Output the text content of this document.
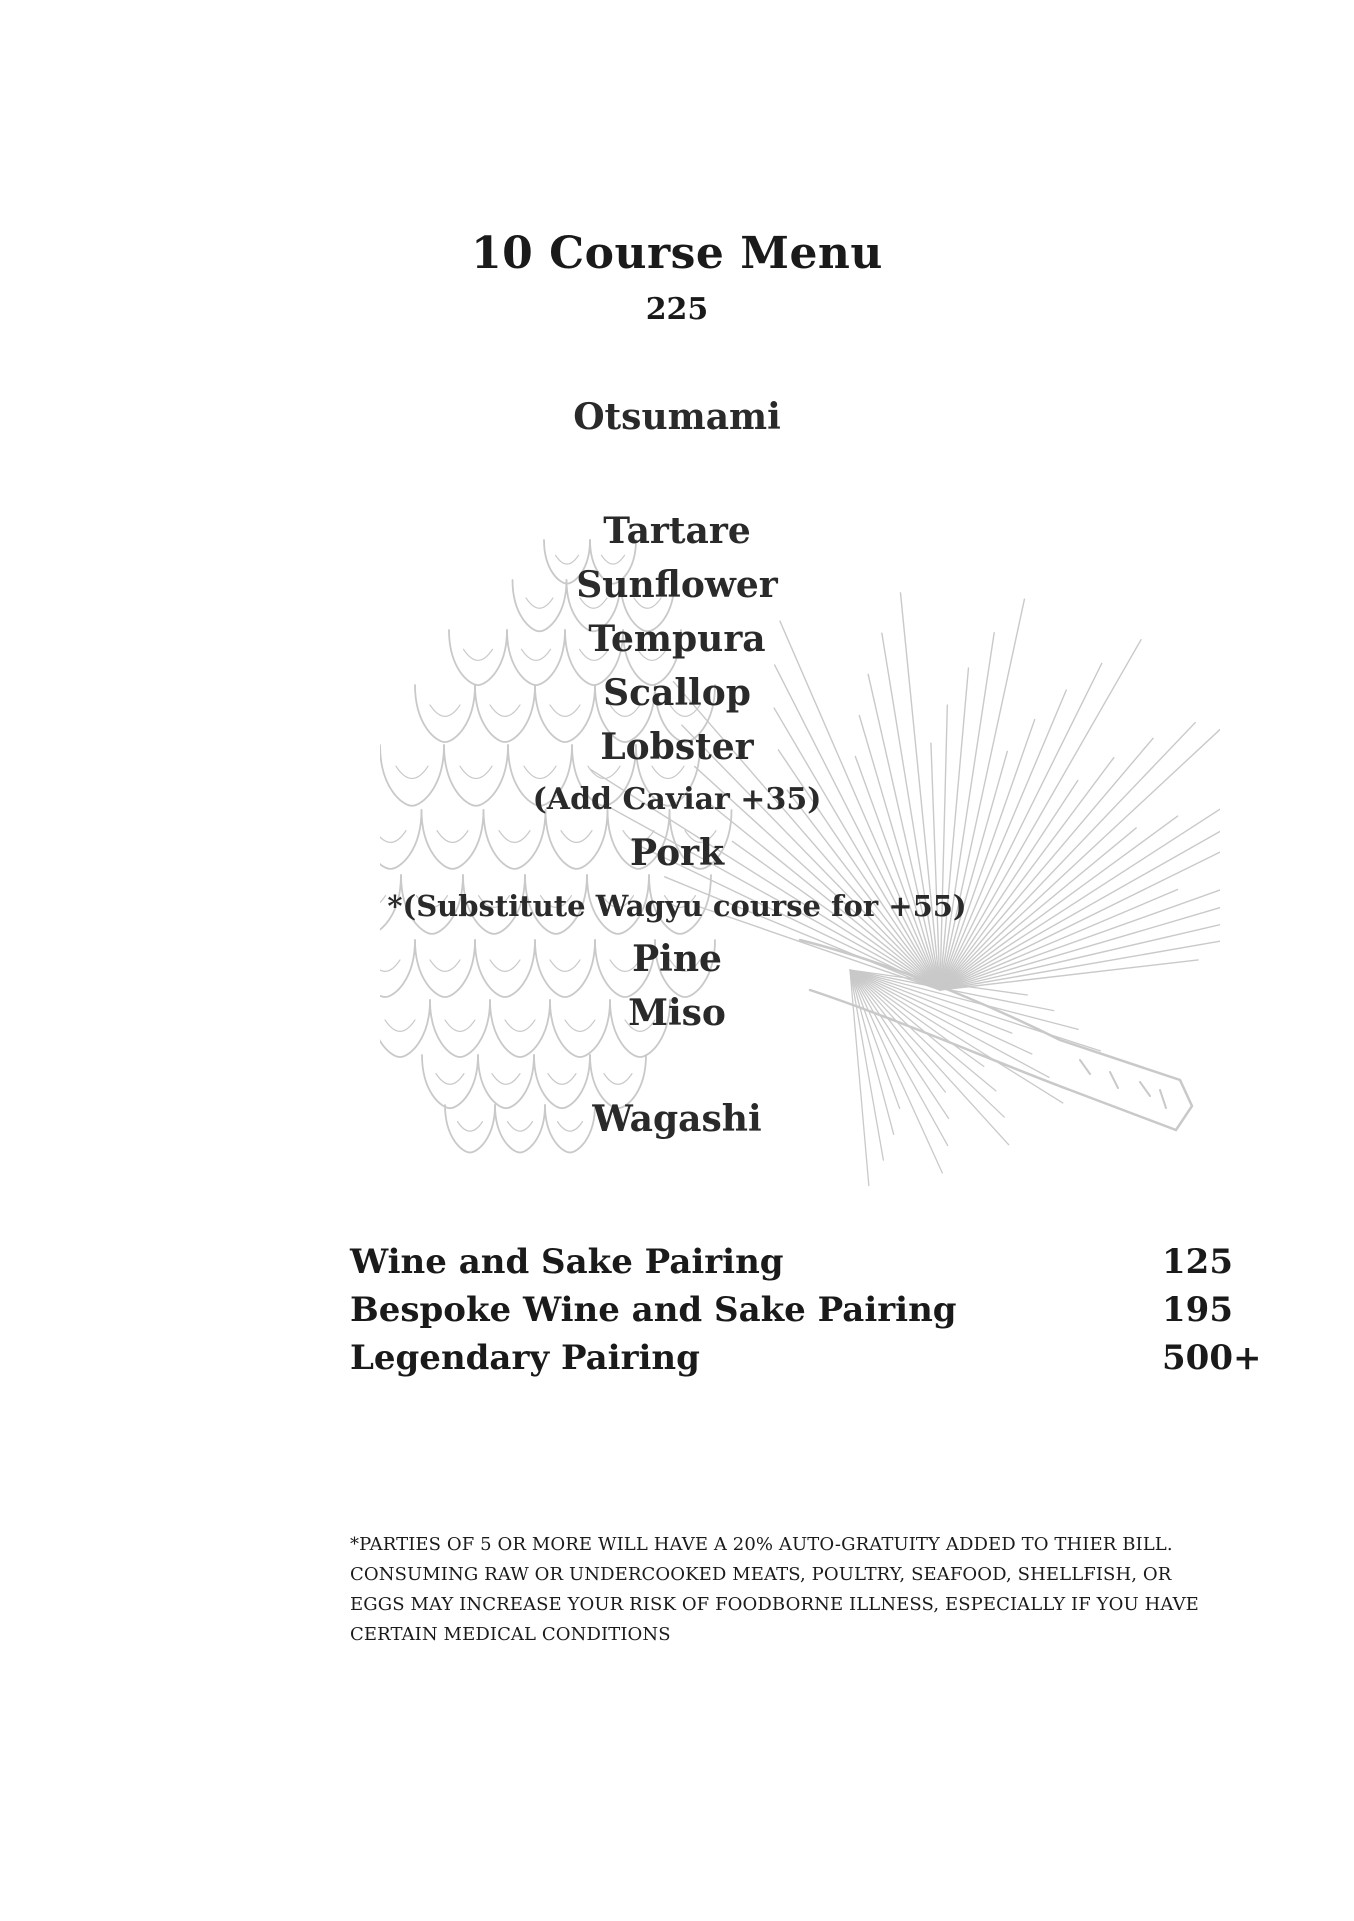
10 Course Menu
225
Otsumami
Tartare
Sunflower
Tempura
Scallop
Lobster
(Add Caviar +35)
Pork
*(Substitute Wagyu course for +55)
Pine
Miso
Wagashi
Wine and Sake Pairing	125
Bespoke Wine and Sake Pairing	195
Legendary Pairing	500+
*PARTIES OF 5 OR MORE WILL HAVE A 20% AUTO-GRATUITY ADDED TO THIER BILL.
CONSUMING RAW OR UNDERCOOKED MEATS, POULTRY, SEAFOOD, SHELLFISH, OR
EGGS MAY INCREASE YOUR RISK OF FOODBORNE ILLNESS, ESPECIALLY IF YOU HAVE
CERTAIN MEDICAL CONDITIONS
